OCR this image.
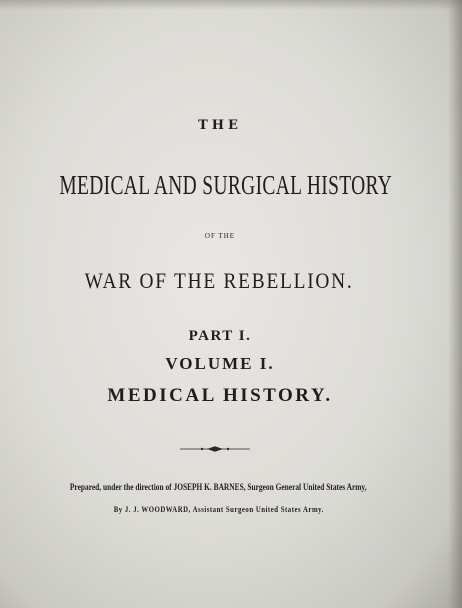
THE
MEDICAL AND SURGICAL HISTORY
OF THE
WAR OF THE REBELLION.
PART I.
VOLUME I.
MEDICAL HISTORY.
Prepared, under the direction of JOSEPH K. BARNES, Surgeon General United States Army,
By J. J. WOODWARD, Assistant Surgeon United States Army.
